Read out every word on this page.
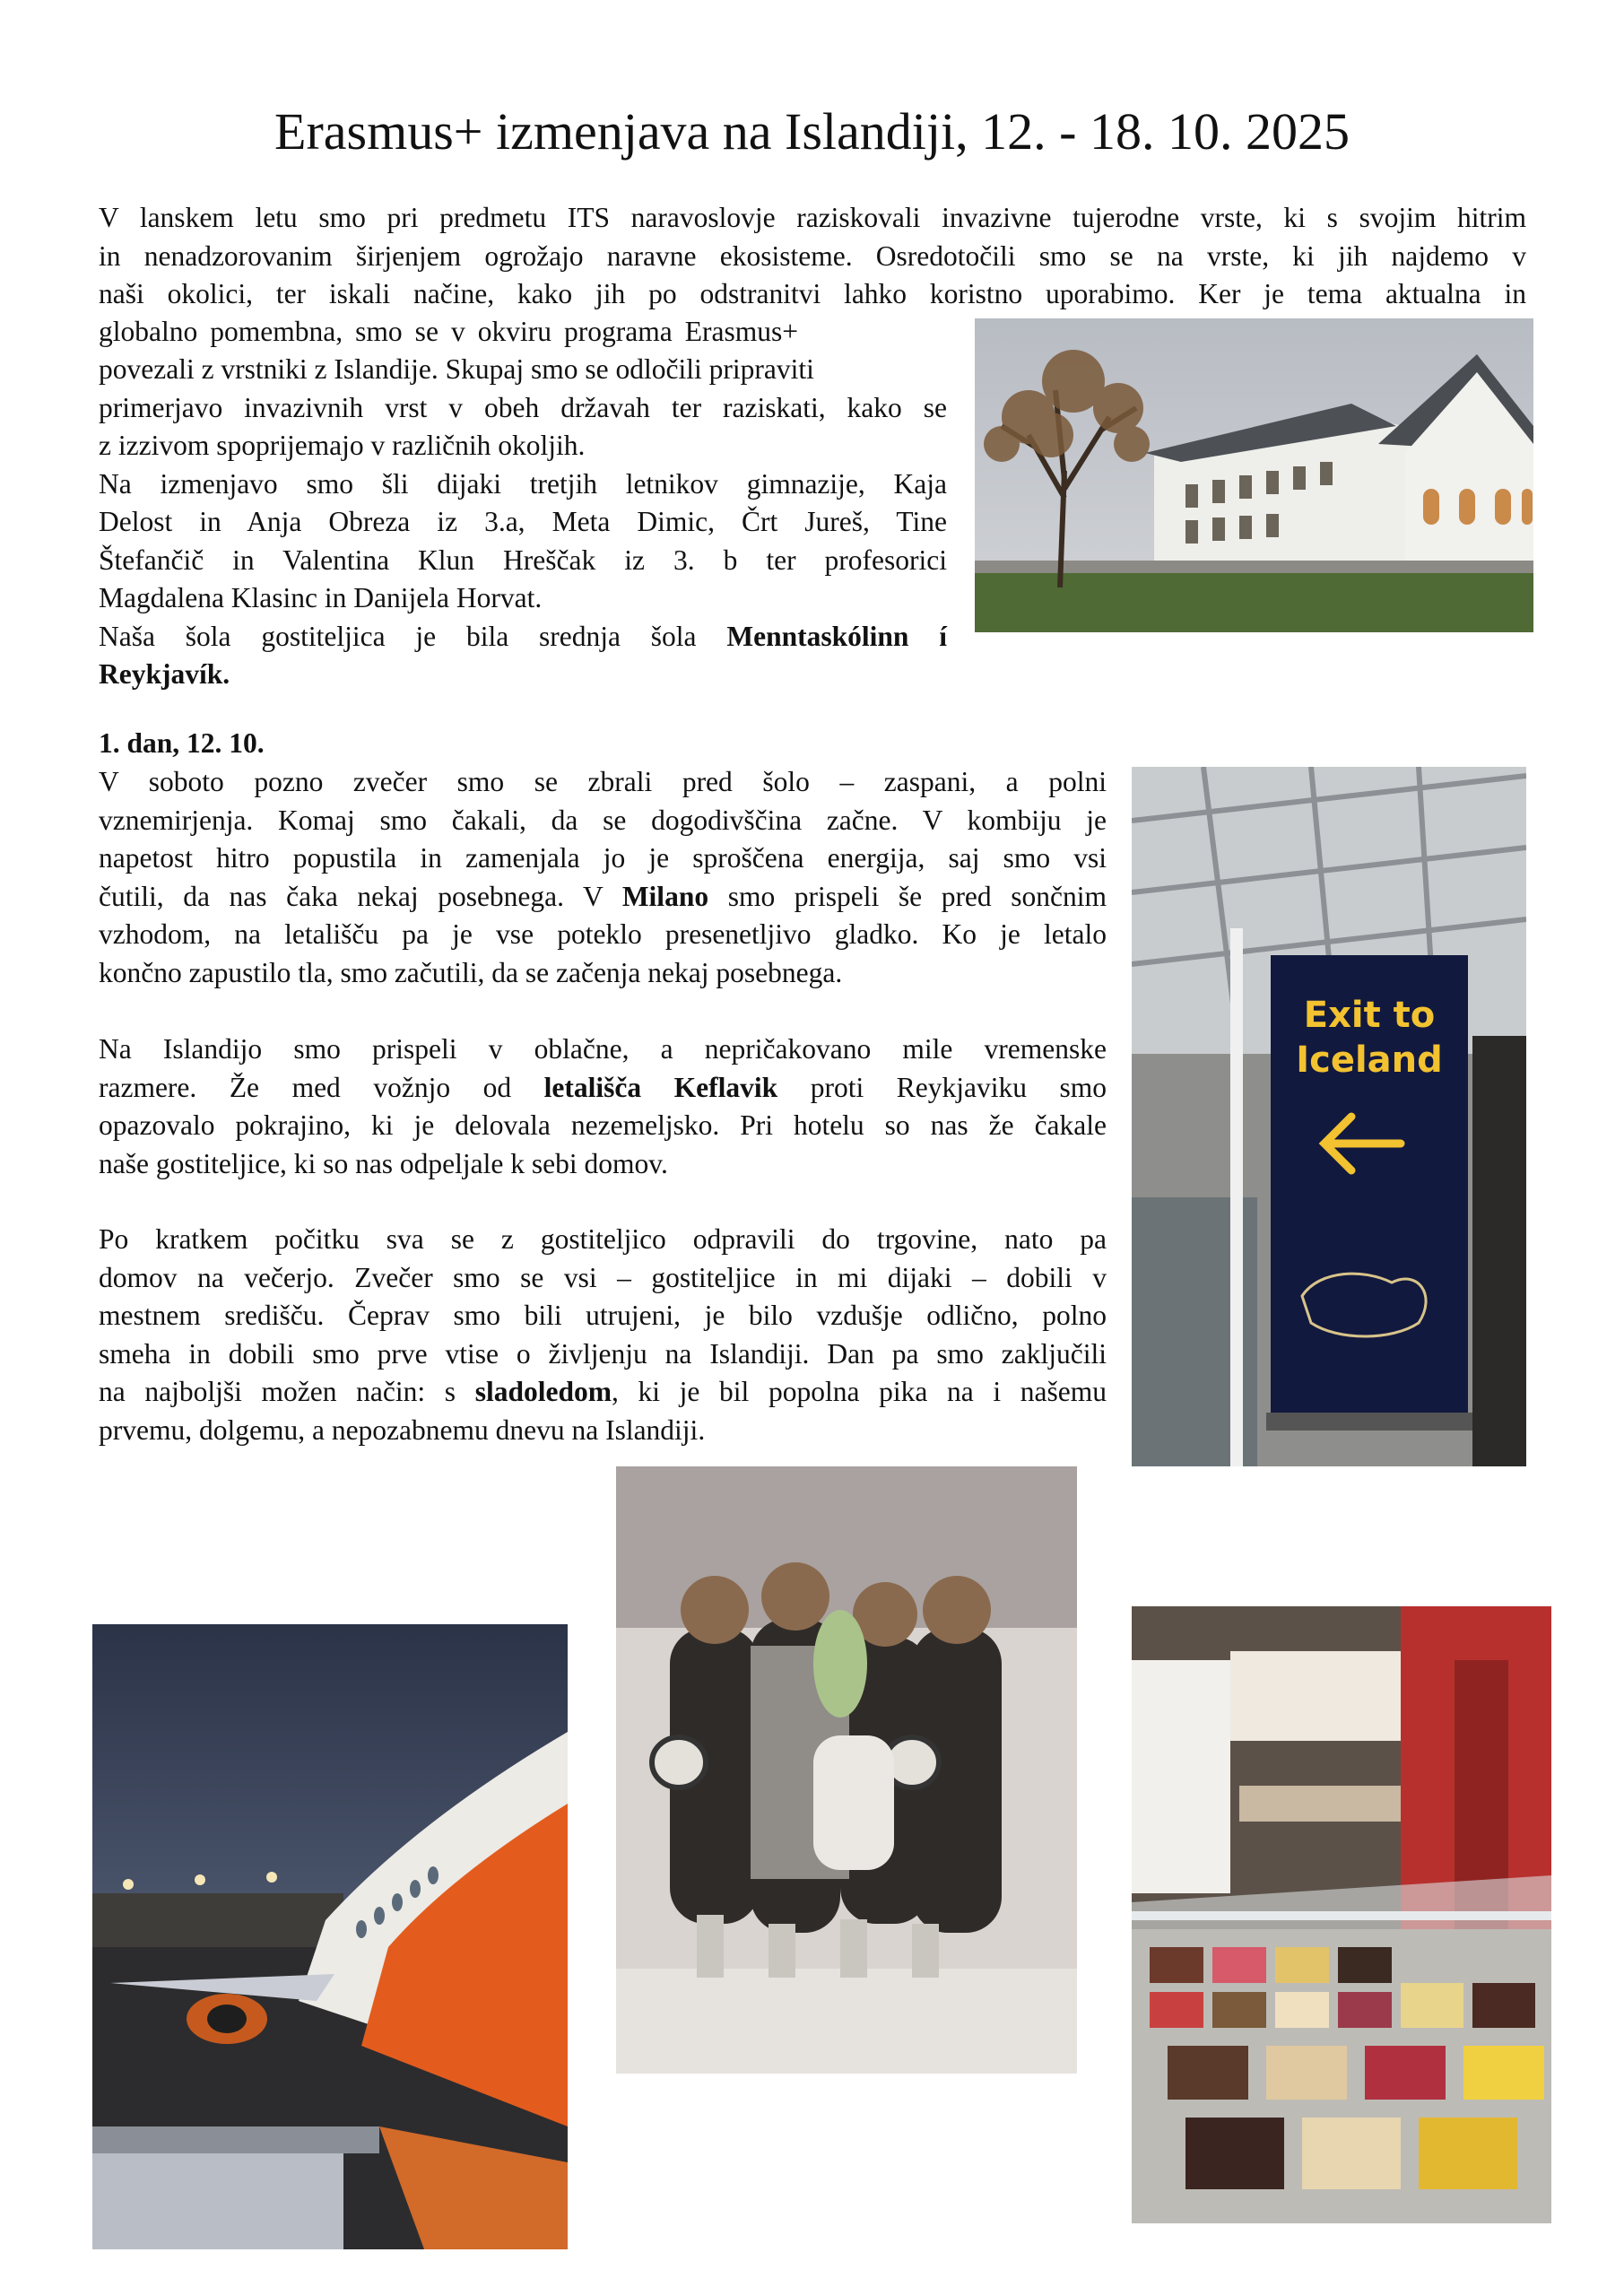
Erasmus+ izmenjava na Islandiji, 12. - 18. 10. 2025

V lanskem letu smo pri predmetu ITS naravoslovje raziskovali invazivne tujerodne vrste, ki s svojim hitrim
in nenadzorovanim širjenjem ogrožajo naravne ekosisteme. Osredotočili smo se na vrste, ki jih najdemo v
naši okolici, ter iskali načine, kako jih po odstranitvi lahko koristno uporabimo. Ker je tema aktualna in

globalno pomembna, smo se v okviru programa Erasmus+

povezali z vrstniki z Islandije. Skupaj smo se odločili pripraviti
primerjavo invazivnih vrst v obeh državah ter raziskati, kako se
z izzivom spoprijemajo v različnih okoljih.
Na izmenjavo smo šli dijaki tretjih letnikov gimnazije, Kaja
Delost in Anja Obreza iz 3.a, Meta Dimic, Črt Jureš, Tine
Štefančič in Valentina Klun Hreščak iz 3. b ter profesorici
Magdalena Klasinc in Danijela Horvat.
Naša šola gostiteljica je bila srednja šola Menntaskólinn í
Reykjavík.

1. dan, 12. 10.

V soboto pozno zvečer smo se zbrali pred šolo – zaspani, a polni
vznemirjenja. Komaj smo čakali, da se dogodivščina začne. V kombiju je
napetost hitro popustila in zamenjala jo je sproščena energija, saj smo vsi
čutili, da nas čaka nekaj posebnega. V Milano smo prispeli še pred sončnim
vzhodom, na letališču pa je vse poteklo presenetljivo gladko. Ko je letalo
končno zapustilo tla, smo začutili, da se začenja nekaj posebnega.

Na Islandijo smo prispeli v oblačne, a nepričakovano mile vremenske
razmere. Že med vožnjo od letališča Keflavik proti Reykjaviku smo
opazovalo pokrajino, ki je delovala nezemeljsko. Pri hotelu so nas že čakale
naše gostiteljice, ki so nas odpeljale k sebi domov.

Po kratkem počitku sva se z gostiteljico odpravili do trgovine, nato pa
domov na večerjo. Zvečer smo se vsi – gostiteljice in mi dijaki – dobili v
mestnem središču. Čeprav smo bili utrujeni, je bilo vzdušje odlično, polno
smeha in dobili smo prve vtise o življenju na Islandiji. Dan pa smo zaključili
na najboljši možen način: s sladoledom, ki je bil popolna pika na i našemu
prvemu, dolgemu, a nepozabnemu dnevu na Islandiji.

Exit to
Iceland
